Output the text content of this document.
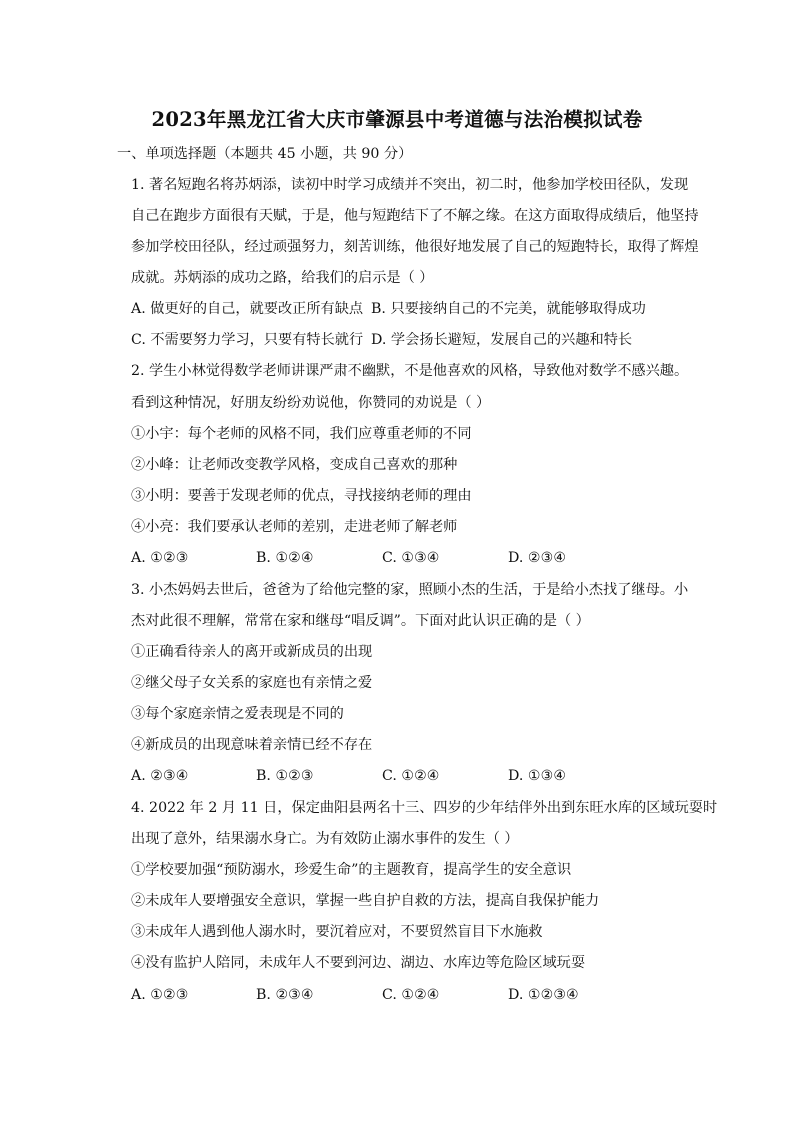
2023年黑龙江省大庆市肇源县中考道德与法治模拟试卷
一、单项选择题（本题共 45 小题，共 90 分）
1. 著名短跑名将苏炳添，读初中时学习成绩并不突出，初二时，他参加学校田径队，发现
自己在跑步方面很有天赋，于是，他与短跑结下了不解之缘。在这方面取得成绩后，他坚持
参加学校田径队，经过顽强努力，刻苦训练，他很好地发展了自己的短跑特长，取得了辉煌
成就。苏炳添的成功之路，给我们的启示是（ ）
A. 做更好的自己，就要改正所有缺点 B. 只要接纳自己的不完美，就能够取得成功
C. 不需要努力学习，只要有特长就行 D. 学会扬长避短，发展自己的兴趣和特长
2. 学生小林觉得数学老师讲课严肃不幽默，不是他喜欢的风格，导致他对数学不感兴趣。
看到这种情况，好朋友纷纷劝说他，你赞同的劝说是（ ）
①小宇：每个老师的风格不同，我们应尊重老师的不同
②小峰：让老师改变教学风格，变成自己喜欢的那种
③小明：要善于发现老师的优点，寻找接纳老师的理由
④小亮：我们要承认老师的差别，走进老师了解老师
A. ①②③	B. ①②④	C. ①③④	D. ②③④
3. 小杰妈妈去世后，爸爸为了给他完整的家，照顾小杰的生活，于是给小杰找了继母。小
杰对此很不理解，常常在家和继母“唱反调”。下面对此认识正确的是（ ）
①正确看待亲人的离开或新成员的出现
②继父母子女关系的家庭也有亲情之爱
③每个家庭亲情之爱表现是不同的
④新成员的出现意味着亲情已经不存在
A. ②③④	B. ①②③	C. ①②④	D. ①③④
4. 2022 年 2 月 11 日，保定曲阳县两名十三、四岁的少年结伴外出到东旺水库的区域玩耍时
出现了意外，结果溺水身亡。为有效防止溺水事件的发生（ ）
①学校要加强“预防溺水，珍爱生命”的主题教育，提高学生的安全意识
②未成年人要增强安全意识，掌握一些自护自救的方法，提高自我保护能力
③未成年人遇到他人溺水时，要沉着应对，不要贸然盲目下水施救
④没有监护人陪同，未成年人不要到河边、湖边、水库边等危险区域玩耍
A. ①②③	B. ②③④	C. ①②④	D. ①②③④
